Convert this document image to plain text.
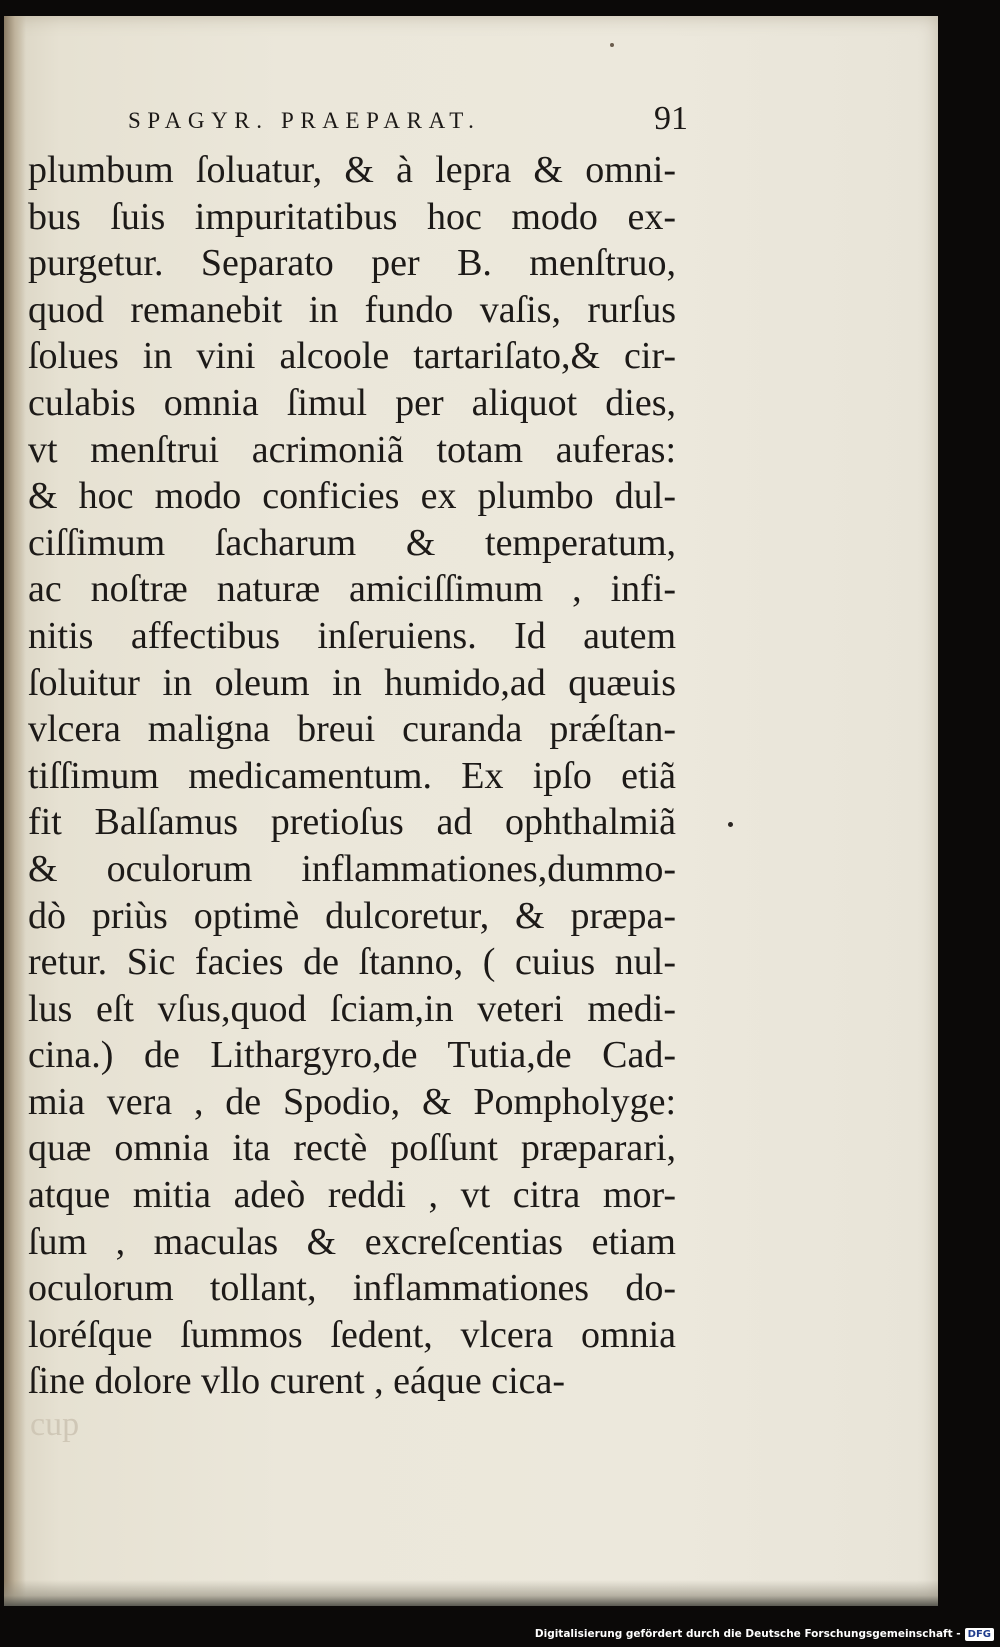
SPAGYR. PRAEPARAT.	91
plumbum ſoluatur, & à lepra & omni-
bus ſuis impuritatibus hoc modo ex-
purgetur. Separato per B. menſtruo,
quod remanebit in fundo vaſis, rurſus
ſolues in vini alcoole tartariſato,& cir-
culabis omnia ſimul per aliquot dies,
vt menſtrui acrimoniã totam auferas:
& hoc modo conficies ex plumbo dul-
ciſſimum ſacharum & temperatum,
ac noſtræ naturæ amiciſſimum , infi-
nitis affectibus inſeruiens. Id autem
ſoluitur in oleum in humido,ad quæuis
vlcera maligna breui curanda prǽſtan-
tiſſimum medicamentum. Ex ipſo etiã
fit Balſamus pretioſus ad ophthalmiã
& oculorum inflammationes,dummo-
dò priùs optimè dulcoretur, & præpa-
retur. Sic facies de ſtanno, ( cuius nul-
lus eſt vſus,quod ſciam,in veteri medi-
cina.) de Lithargyro,de Tutia,de Cad-
mia vera , de Spodio, & Pompholyge:
quæ omnia ita rectè poſſunt præparari,
atque mitia adeò reddi , vt citra mor-
ſum , maculas & excreſcentias etiam
oculorum tollant, inflammationes do-
loréſque ſummos ſedent, vlcera omnia
ſine dolore vllo curent , eáque cica-
cup
Digitalisierung gefördert durch die Deutsche Forschungsgemeinschaft - DFG
